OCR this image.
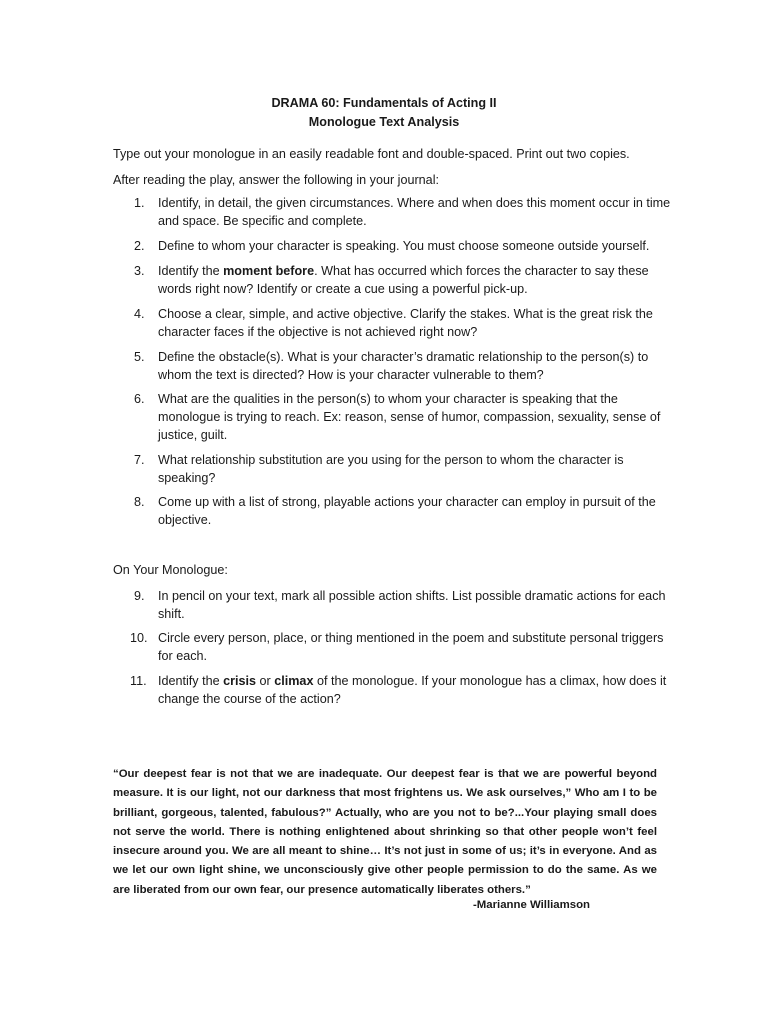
DRAMA 60: Fundamentals of Acting II
Monologue Text Analysis
Type out your monologue in an easily readable font and double-spaced. Print out two copies.
After reading the play, answer the following in your journal:
1.	Identify, in detail, the given circumstances. Where and when does this moment occur in time and space. Be specific and complete.
2.	Define to whom your character is speaking. You must choose someone outside yourself.
3.	Identify the moment before. What has occurred which forces the character to say these words right now? Identify or create a cue using a powerful pick-up.
4.	Choose a clear, simple, and active objective. Clarify the stakes. What is the great risk the character faces if the objective is not achieved right now?
5.	Define the obstacle(s). What is your character’s dramatic relationship to the person(s) to whom the text is directed? How is your character vulnerable to them?
6.	What are the qualities in the person(s) to whom your character is speaking that the monologue is trying to reach. Ex: reason, sense of humor, compassion, sexuality, sense of justice, guilt.
7.	What relationship substitution are you using for the person to whom the character is speaking?
8.	Come up with a list of strong, playable actions your character can employ in pursuit of the objective.
On Your Monologue:
9.	In pencil on your text, mark all possible action shifts. List possible dramatic actions for each shift.
10. Circle every person, place, or thing mentioned in the poem and substitute personal triggers for each.
11. Identify the crisis or climax of the monologue. If your monologue has a climax, how does it change the course of the action?
“Our deepest fear is not that we are inadequate. Our deepest fear is that we are powerful beyond measure. It is our light, not our darkness that most frightens us. We ask ourselves,” Who am I to be brilliant, gorgeous, talented, fabulous?” Actually, who are you not to be?...Your playing small does not serve the world. There is nothing enlightened about shrinking so that other people won’t feel insecure around you. We are all meant to shine… It’s not just in some of us; it’s in everyone. And as we let our own light shine, we unconsciously give other people permission to do the same. As we are liberated from our own fear, our presence automatically liberates others.”
-Marianne Williamson
